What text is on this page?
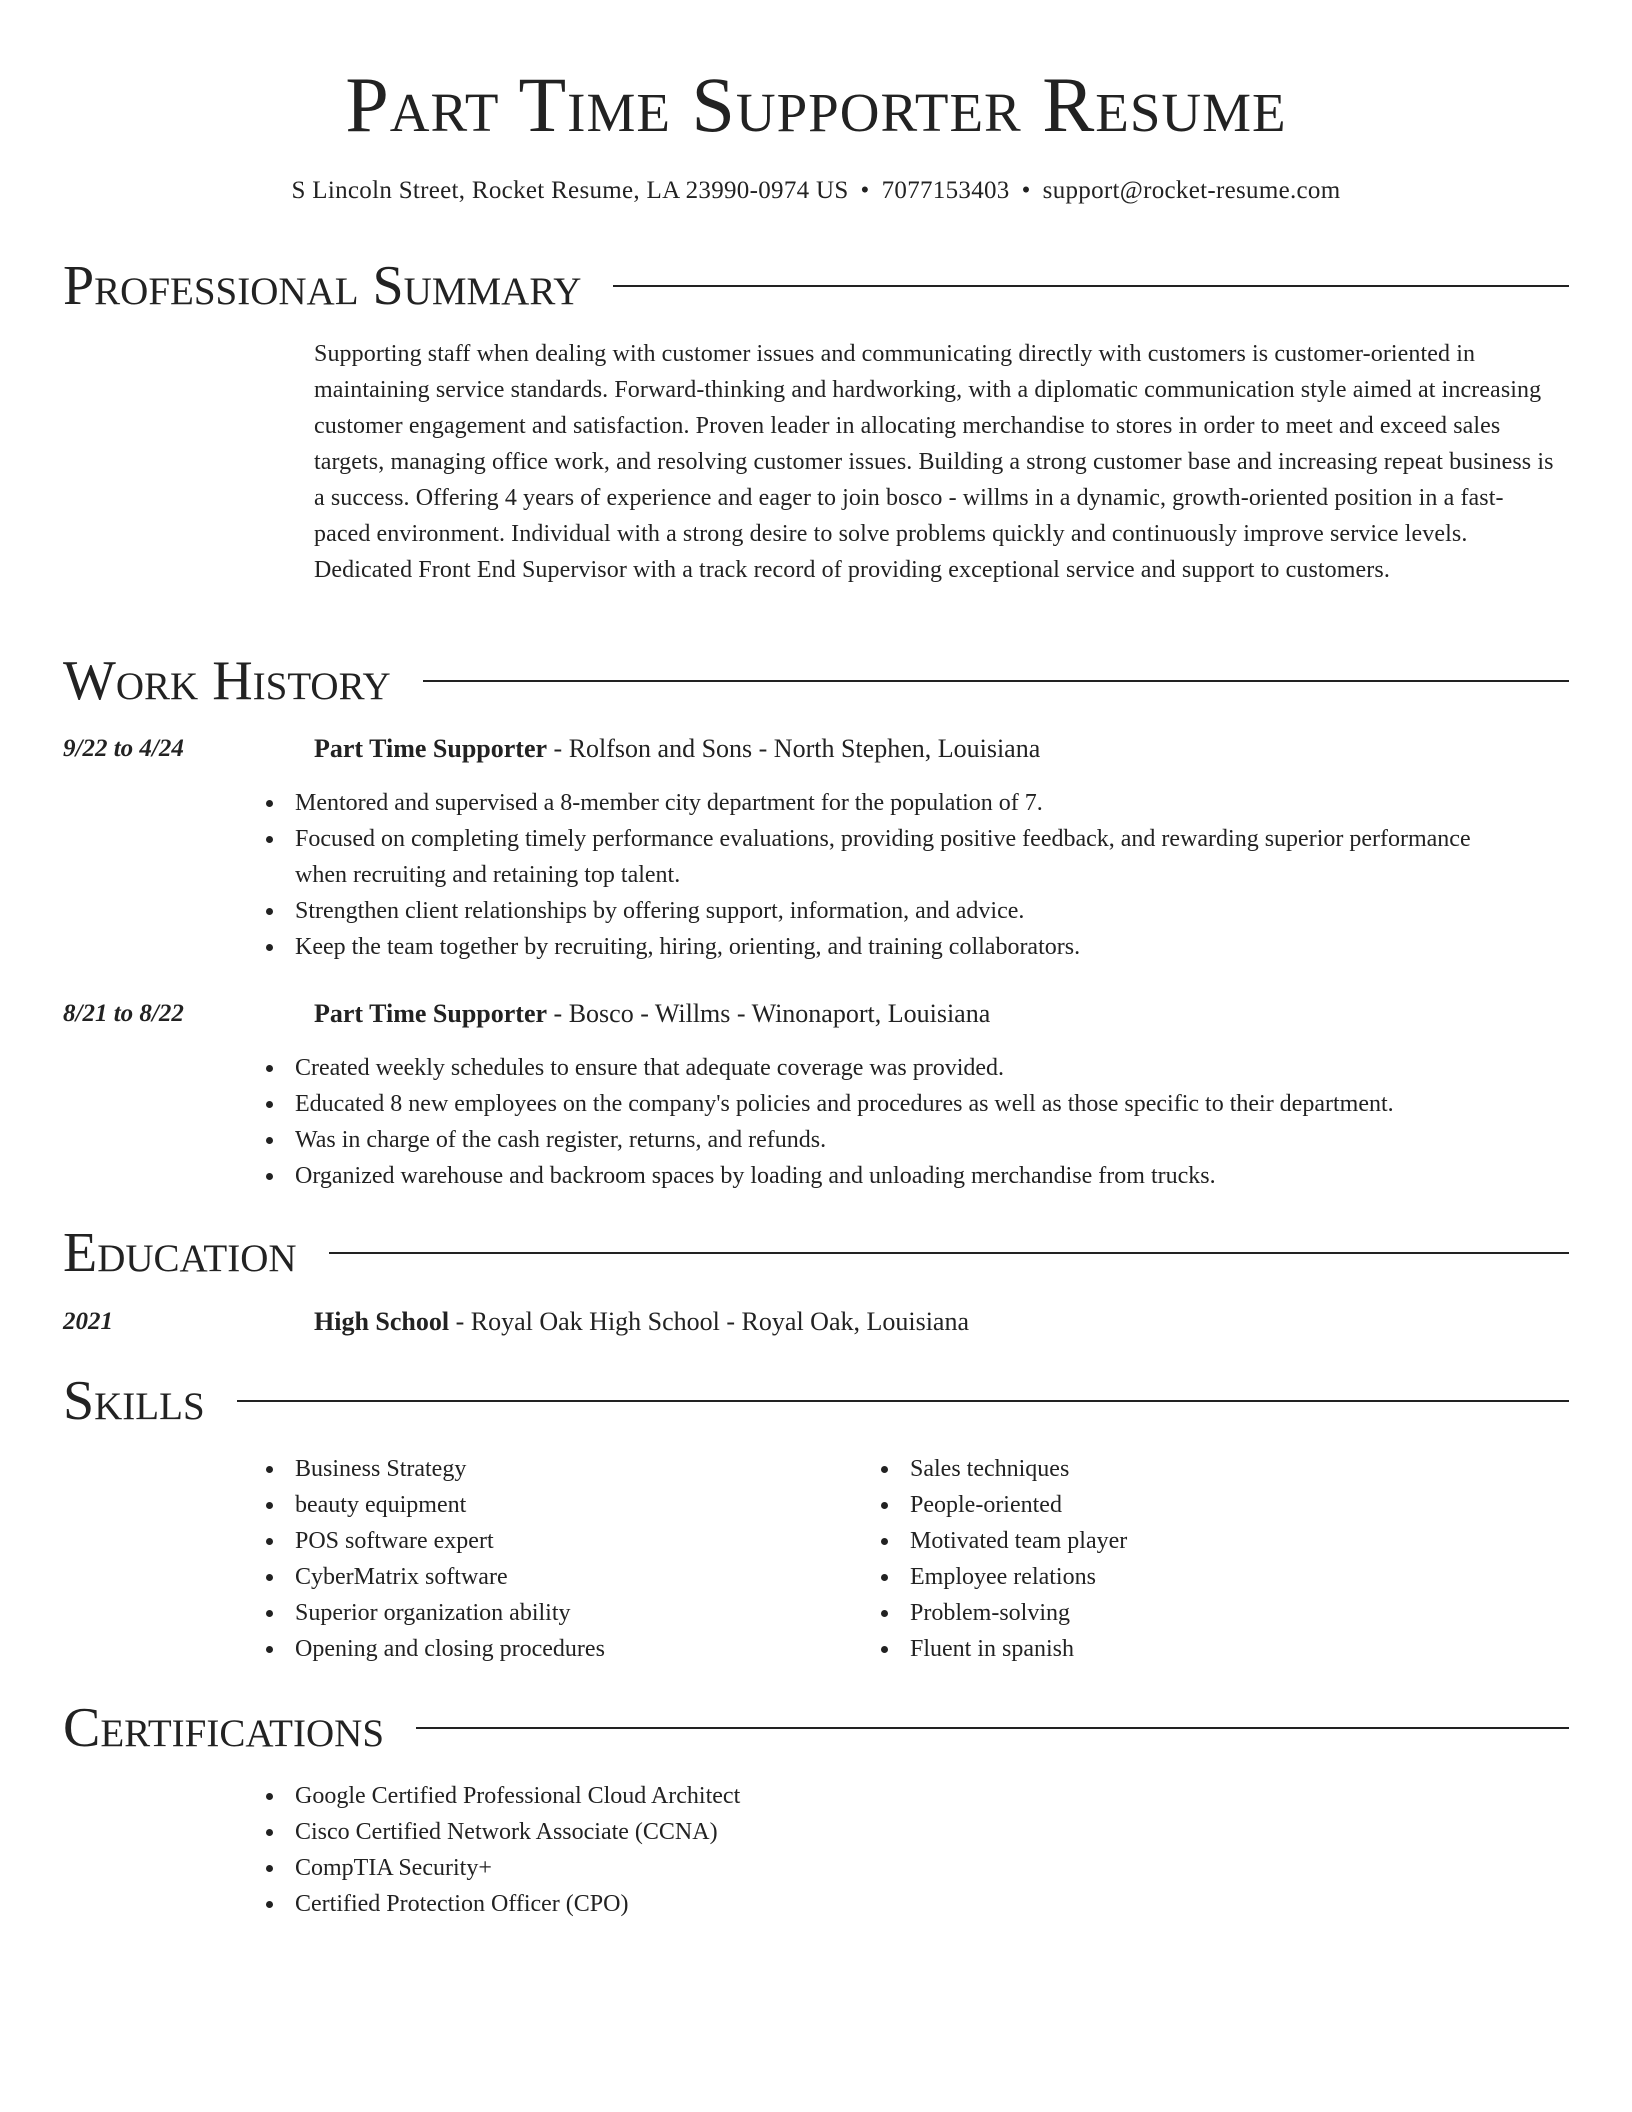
Part Time Supporter Resume
S Lincoln Street, Rocket Resume, LA 23990-0974 US • 7077153403 • support@rocket-resume.com
Professional Summary
Supporting staff when dealing with customer issues and communicating directly with customers is customer-oriented in maintaining service standards. Forward-thinking and hardworking, with a diplomatic communication style aimed at increasing customer engagement and satisfaction. Proven leader in allocating merchandise to stores in order to meet and exceed sales targets, managing office work, and resolving customer issues. Building a strong customer base and increasing repeat business is a success. Offering 4 years of experience and eager to join bosco - willms in a dynamic, growth-oriented position in a fast-paced environment. Individual with a strong desire to solve problems quickly and continuously improve service levels. Dedicated Front End Supervisor with a track record of providing exceptional service and support to customers.
Work History
9/22 to 4/24	Part Time Supporter - Rolfson and Sons - North Stephen, Louisiana
Mentored and supervised a 8-member city department for the population of 7.
Focused on completing timely performance evaluations, providing positive feedback, and rewarding superior performance when recruiting and retaining top talent.
Strengthen client relationships by offering support, information, and advice.
Keep the team together by recruiting, hiring, orienting, and training collaborators.
8/21 to 8/22	Part Time Supporter - Bosco - Willms - Winonaport, Louisiana
Created weekly schedules to ensure that adequate coverage was provided.
Educated 8 new employees on the company's policies and procedures as well as those specific to their department.
Was in charge of the cash register, returns, and refunds.
Organized warehouse and backroom spaces by loading and unloading merchandise from trucks.
Education
2021	High School - Royal Oak High School - Royal Oak, Louisiana
Skills
Business Strategy
beauty equipment
POS software expert
CyberMatrix software
Superior organization ability
Opening and closing procedures
Sales techniques
People-oriented
Motivated team player
Employee relations
Problem-solving
Fluent in spanish
Certifications
Google Certified Professional Cloud Architect
Cisco Certified Network Associate (CCNA)
CompTIA Security+
Certified Protection Officer (CPO)
